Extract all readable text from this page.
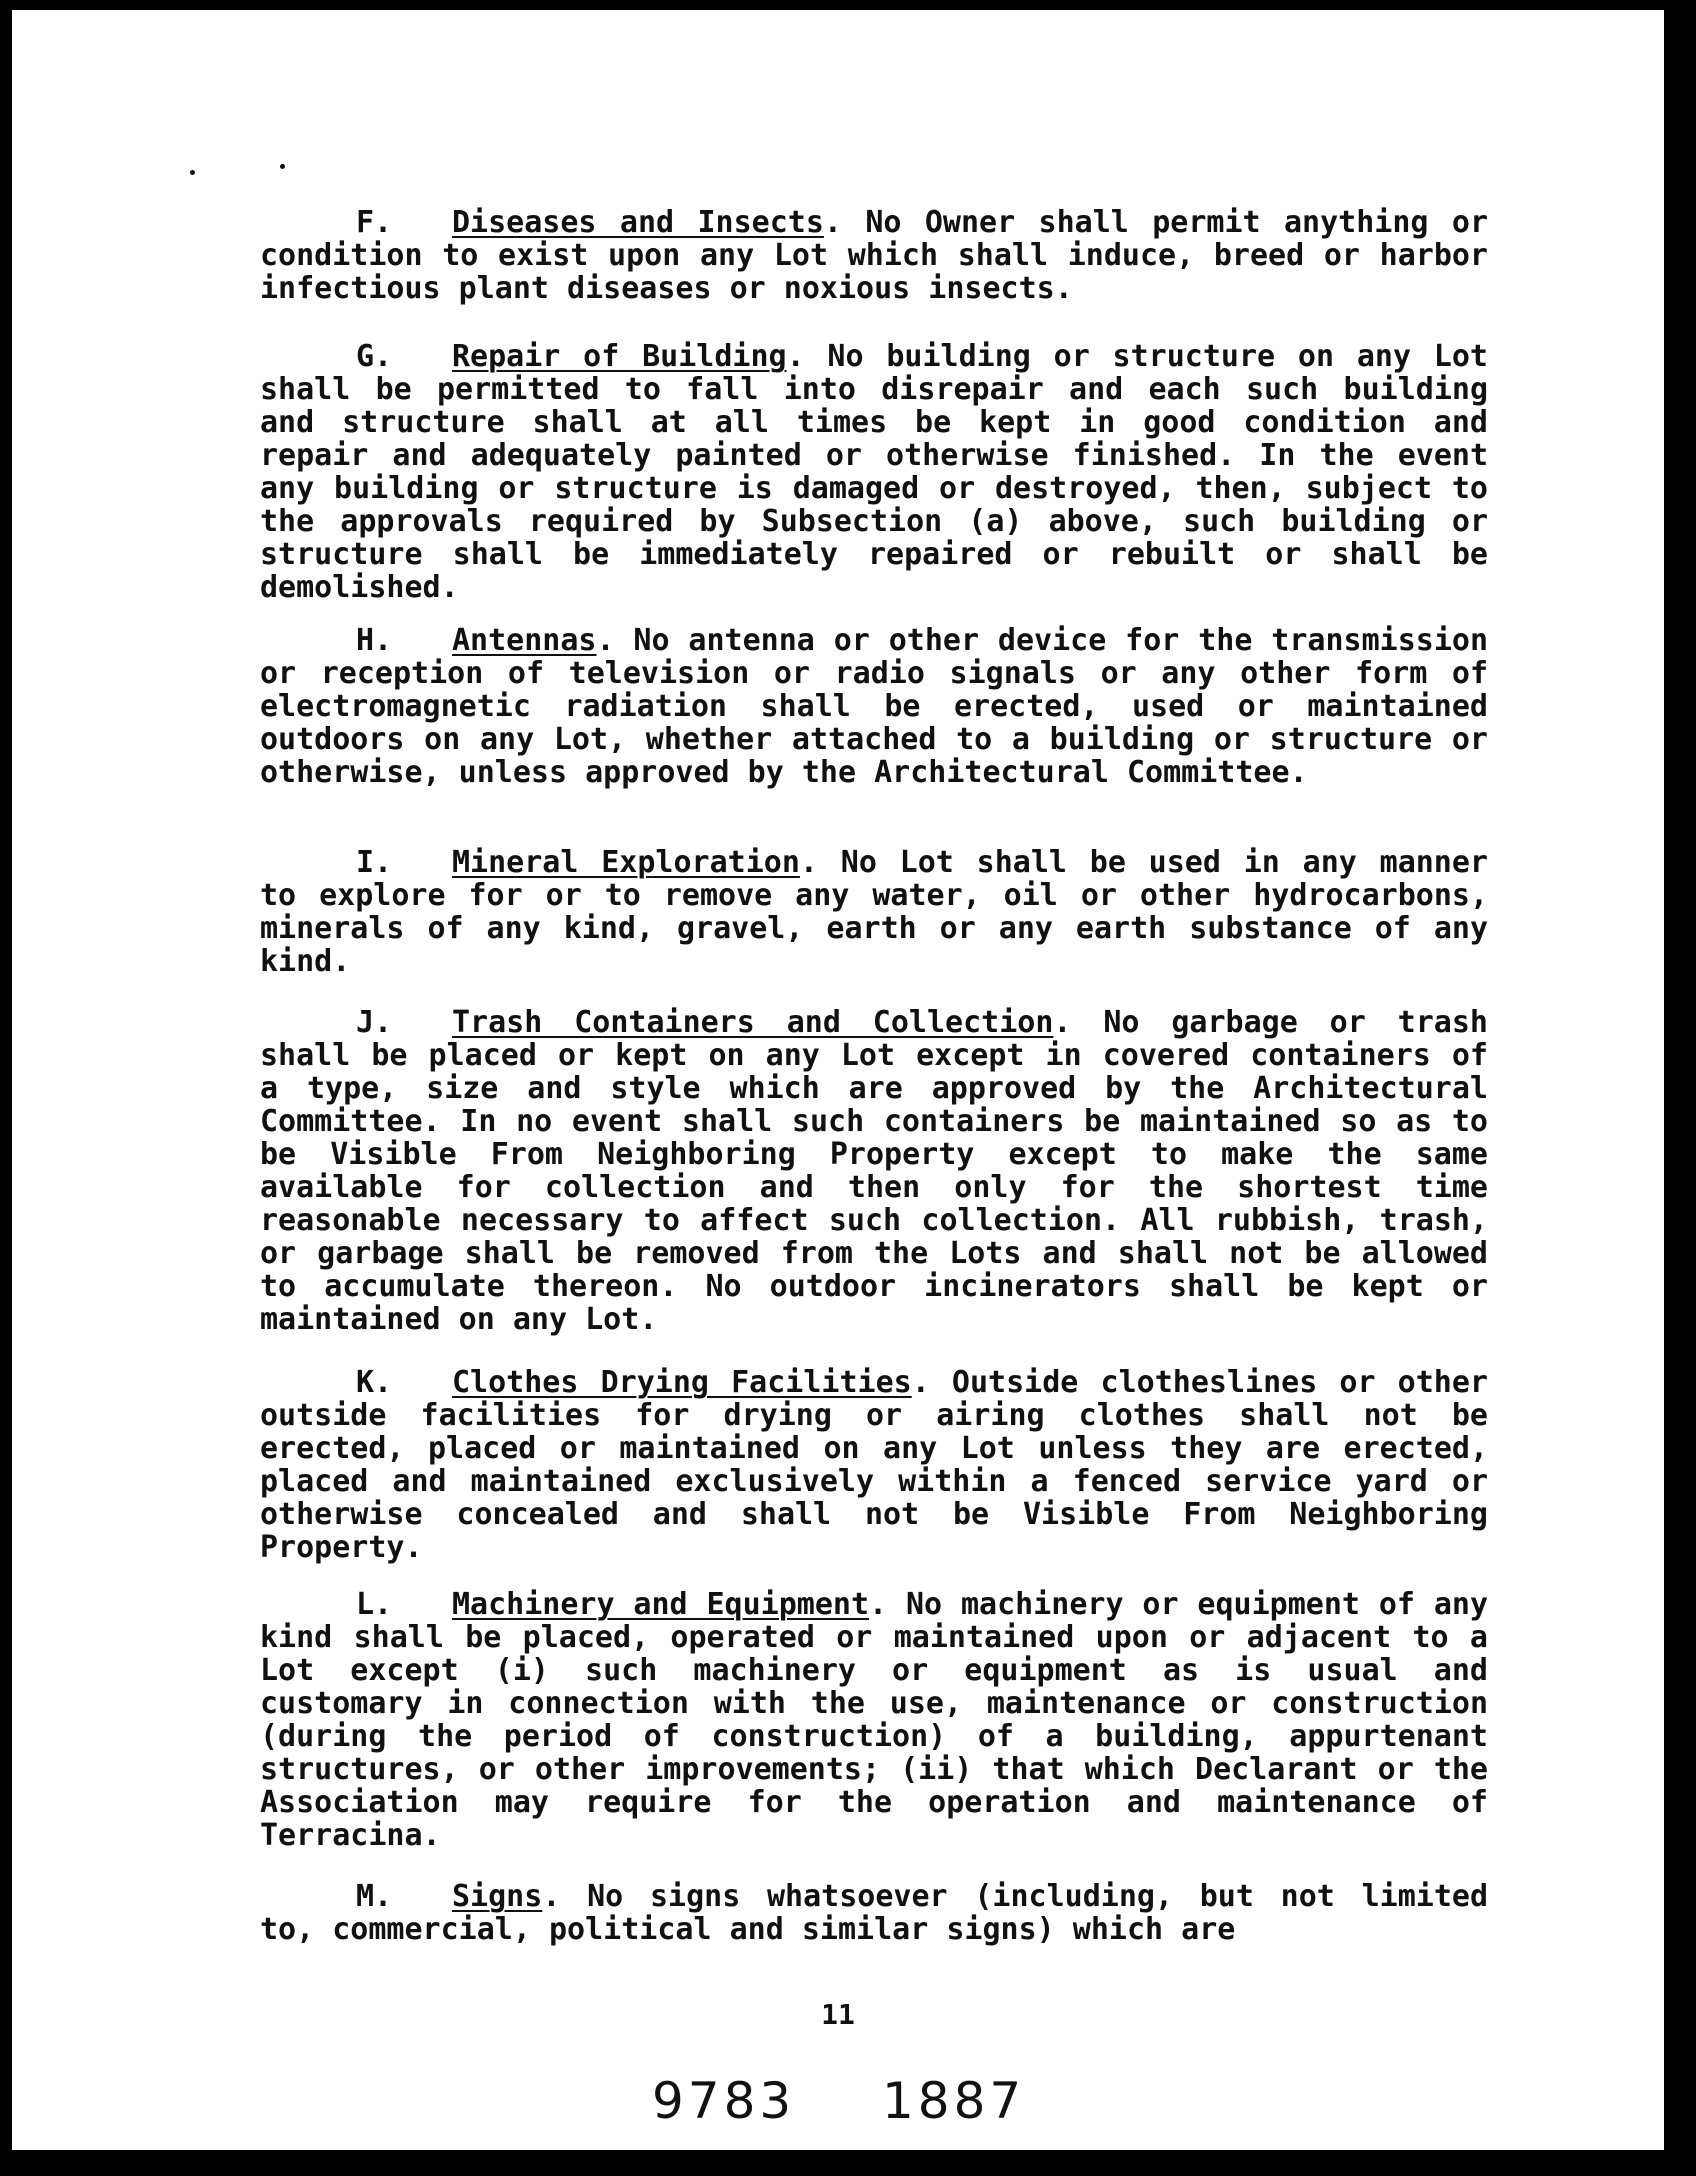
F. Diseases and Insects. No Owner shall permit anything or condition to exist upon any Lot which shall induce, breed or harbor infectious plant diseases or noxious insects.

G. Repair of Building. No building or structure on any Lot shall be permitted to fall into disrepair and each such building and structure shall at all times be kept in good condition and repair and adequately painted or otherwise finished. In the event any building or structure is damaged or destroyed, then, subject to the approvals required by Subsection (a) above, such building or structure shall be immediately repaired or rebuilt or shall be demolished.

H. Antennas. No antenna or other device for the transmission or reception of television or radio signals or any other form of electromagnetic radiation shall be erected, used or maintained outdoors on any Lot, whether attached to a building or structure or otherwise, unless approved by the Architectural Committee.

I. Mineral Exploration. No Lot shall be used in any manner to explore for or to remove any water, oil or other hydrocarbons, minerals of any kind, gravel, earth or any earth substance of any kind.

J. Trash Containers and Collection. No garbage or trash shall be placed or kept on any Lot except in covered containers of a type, size and style which are approved by the Architectural Committee. In no event shall such containers be maintained so as to be Visible From Neighboring Property except to make the same available for collection and then only for the shortest time reasonable necessary to affect such collection. All rubbish, trash, or garbage shall be removed from the Lots and shall not be allowed to accumulate thereon. No outdoor incinerators shall be kept or maintained on any Lot.

K. Clothes Drying Facilities. Outside clotheslines or other outside facilities for drying or airing clothes shall not be erected, placed or maintained on any Lot unless they are erected, placed and maintained exclusively within a fenced service yard or otherwise concealed and shall not be Visible From Neighboring Property.

L. Machinery and Equipment. No machinery or equipment of any kind shall be placed, operated or maintained upon or adjacent to a Lot except (i) such machinery or equipment as is usual and customary in connection with the use, maintenance or construction (during the period of construction) of a building, appurtenant structures, or other improvements; (ii) that which Declarant or the Association may require for the operation and maintenance of Terracina.

M. Signs. No signs whatsoever (including, but not limited to, commercial, political and similar signs) which are

11
9783 1887
